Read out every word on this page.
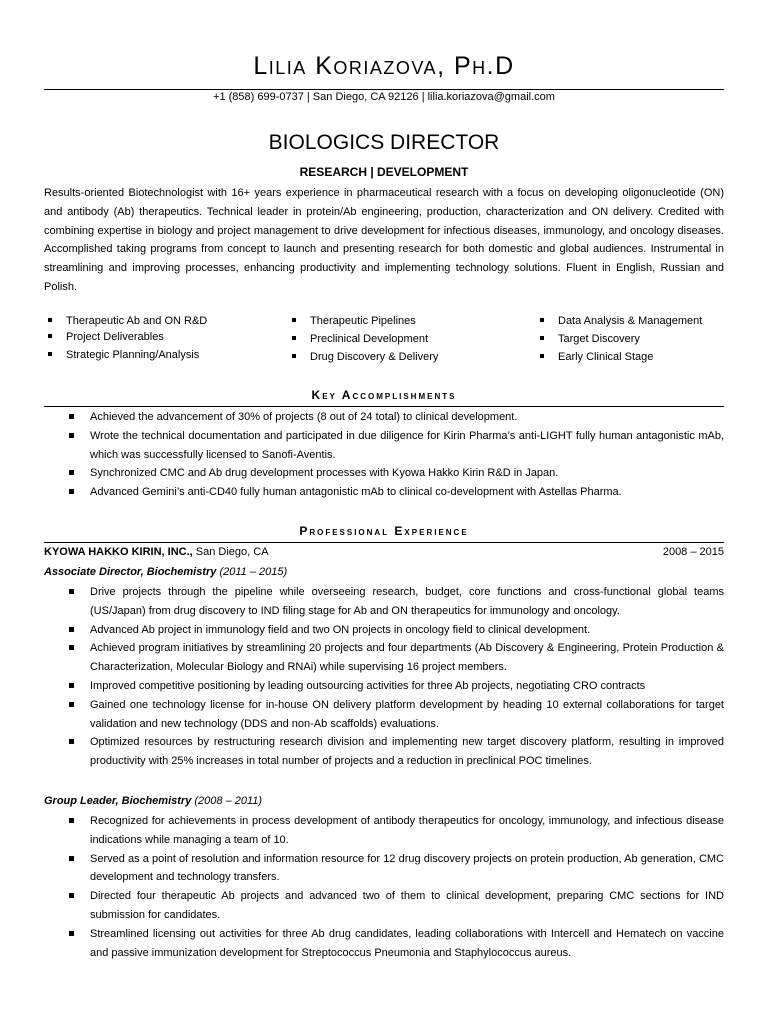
Lilia Koriazova, Ph.D
+1 (858) 699-0737 | San Diego, CA 92126 | lilia.koriazova@gmail.com
BIOLOGICS DIRECTOR
RESEARCH | DEVELOPMENT
Results-oriented Biotechnologist with 16+ years experience in pharmaceutical research with a focus on developing oligonucleotide (ON) and antibody (Ab) therapeutics. Technical leader in protein/Ab engineering, production, characterization and ON delivery. Credited with combining expertise in biology and project management to drive development for infectious diseases, immunology, and oncology diseases. Accomplished taking programs from concept to launch and presenting research for both domestic and global audiences. Instrumental in streamlining and improving processes, enhancing productivity and implementing technology solutions. Fluent in English, Russian and Polish.
Therapeutic Ab and ON R&D
Project Deliverables
Strategic Planning/Analysis
Therapeutic Pipelines
Preclinical Development
Drug Discovery & Delivery
Data Analysis & Management
Target Discovery
Early Clinical Stage
Key Accomplishments
Achieved the advancement of 30% of projects (8 out of 24 total) to clinical development.
Wrote the technical documentation and participated in due diligence for Kirin Pharma’s anti-LIGHT fully human antagonistic mAb, which was successfully licensed to Sanofi-Aventis.
Synchronized CMC and Ab drug development processes with Kyowa Hakko Kirin R&D in Japan.
Advanced Gemini’s anti-CD40 fully human antagonistic mAb to clinical co-development with Astellas Pharma.
Professional Experience
KYOWA HAKKO KIRIN, INC., San Diego, CA	2008 – 2015
Associate Director, Biochemistry (2011 – 2015)
Drive projects through the pipeline while overseeing research, budget, core functions and cross-functional global teams (US/Japan) from drug discovery to IND filing stage for Ab and ON therapeutics for immunology and oncology.
Advanced Ab project in immunology field and two ON projects in oncology field to clinical development.
Achieved program initiatives by streamlining 20 projects and four departments (Ab Discovery & Engineering, Protein Production & Characterization, Molecular Biology and RNAi) while supervising 16 project members.
Improved competitive positioning by leading outsourcing activities for three Ab projects, negotiating CRO contracts
Gained one technology license for in-house ON delivery platform development by heading 10 external collaborations for target validation and new technology (DDS and non-Ab scaffolds) evaluations.
Optimized resources by restructuring research division and implementing new target discovery platform, resulting in improved productivity with 25% increases in total number of projects and a reduction in preclinical POC timelines.
Group Leader, Biochemistry (2008 – 2011)
Recognized for achievements in process development of antibody therapeutics for oncology, immunology, and infectious disease indications while managing a team of 10.
Served as a point of resolution and information resource for 12 drug discovery projects on protein production, Ab generation, CMC development and technology transfers.
Directed four therapeutic Ab projects and advanced two of them to clinical development, preparing CMC sections for IND submission for candidates.
Streamlined licensing out activities for three Ab drug candidates, leading collaborations with Intercell and Hematech on vaccine and passive immunization development for Streptococcus Pneumonia and Staphylococcus aureus.
